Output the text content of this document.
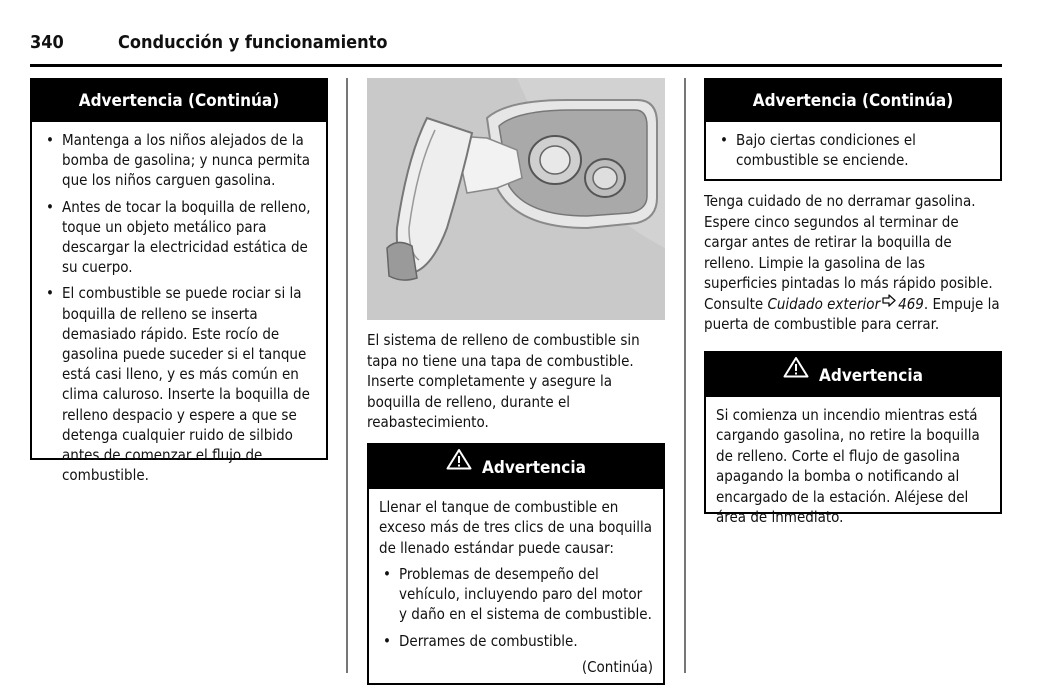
340	Conducción y funcionamiento
Advertencia (Continúa)
• Mantenga a los niños alejados de la bomba de gasolina; y nunca permita que los niños carguen gasolina.
• Antes de tocar la boquilla de relleno, toque un objeto metálico para descargar la electricidad estática de su cuerpo.
• El combustible se puede rociar si la boquilla de relleno se inserta demasiado rápido. Este rocío de gasolina puede suceder si el tanque está casi lleno, y es más común en clima caluroso. Inserte la boquilla de relleno despacio y espere a que se detenga cualquier ruido de silbido antes de comenzar el flujo de combustible.

El sistema de relleno de combustible sin tapa no tiene una tapa de combustible. Inserte completamente y asegure la boquilla de relleno, durante el reabastecimiento.

Advertencia

Llenar el tanque de combustible en exceso más de tres clics de una boquilla de llenado estándar puede causar:

• Problemas de desempeño del vehículo, incluyendo paro del motor y daño en el sistema de combustible.
• Derrames de combustible.
(Continúa)
Advertencia (Continúa)
• Bajo ciertas condiciones el combustible se enciende.

Tenga cuidado de no derramar gasolina. Espere cinco segundos al terminar de cargar antes de retirar la boquilla de relleno. Limpie la gasolina de las superficies pintadas lo más rápido posible. Consulte Cuidado exterior 469. Empuje la puerta de combustible para cerrar.

Advertencia

Si comienza un incendio mientras está cargando gasolina, no retire la boquilla de relleno. Corte el flujo de gasolina apagando la bomba o notificando al encargado de la estación. Aléjese del área de inmediato.
